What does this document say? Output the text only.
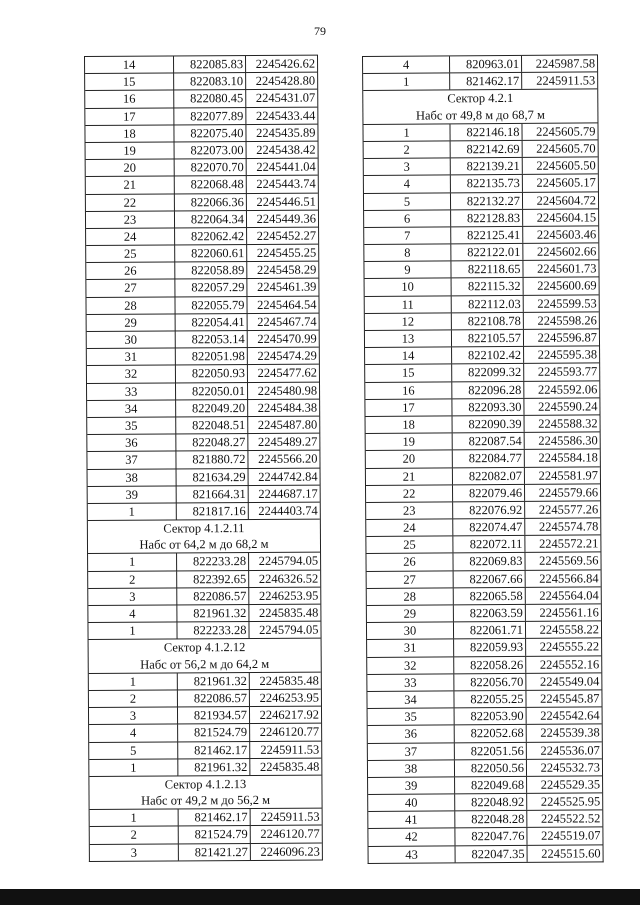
79
14	822085.83	2245426.62
15	822083.10	2245428.80
16	822080.45	2245431.07
17	822077.89	2245433.44
18	822075.40	2245435.89
19	822073.00	2245438.42
20	822070.70	2245441.04
21	822068.48	2245443.74
22	822066.36	2245446.51
23	822064.34	2245449.36
24	822062.42	2245452.27
25	822060.61	2245455.25
26	822058.89	2245458.29
27	822057.29	2245461.39
28	822055.79	2245464.54
29	822054.41	2245467.74
30	822053.14	2245470.99
31	822051.98	2245474.29
32	822050.93	2245477.62
33	822050.01	2245480.98
34	822049.20	2245484.38
35	822048.51	2245487.80
36	822048.27	2245489.27
37	821880.72	2245566.20
38	821634.29	2244742.84
39	821664.31	2244687.17
1	821817.16	2244403.74
Сектор 4.1.2.11
Набс от 64,2 м до 68,2 м
1	822233.28	2245794.05
2	822392.65	2246326.52
3	822086.57	2246253.95
4	821961.32	2245835.48
1	822233.28	2245794.05
Сектор 4.1.2.12
Набс от 56,2 м до 64,2 м
1	821961.32	2245835.48
2	822086.57	2246253.95
3	821934.57	2246217.92
4	821524.79	2246120.77
5	821462.17	2245911.53
1	821961.32	2245835.48
Сектор 4.1.2.13
Набс от 49,2 м до 56,2 м
1	821462.17	2245911.53
2	821524.79	2246120.77
3	821421.27	2246096.23
4	820963.01	2245987.58
1	821462.17	2245911.53
Сектор 4.2.1
Набс от 49,8 м до 68,7 м
1	822146.18	2245605.79
2	822142.69	2245605.70
3	822139.21	2245605.50
4	822135.73	2245605.17
5	822132.27	2245604.72
6	822128.83	2245604.15
7	822125.41	2245603.46
8	822122.01	2245602.66
9	822118.65	2245601.73
10	822115.32	2245600.69
11	822112.03	2245599.53
12	822108.78	2245598.26
13	822105.57	2245596.87
14	822102.42	2245595.38
15	822099.32	2245593.77
16	822096.28	2245592.06
17	822093.30	2245590.24
18	822090.39	2245588.32
19	822087.54	2245586.30
20	822084.77	2245584.18
21	822082.07	2245581.97
22	822079.46	2245579.66
23	822076.92	2245577.26
24	822074.47	2245574.78
25	822072.11	2245572.21
26	822069.83	2245569.56
27	822067.66	2245566.84
28	822065.58	2245564.04
29	822063.59	2245561.16
30	822061.71	2245558.22
31	822059.93	2245555.22
32	822058.26	2245552.16
33	822056.70	2245549.04
34	822055.25	2245545.87
35	822053.90	2245542.64
36	822052.68	2245539.38
37	822051.56	2245536.07
38	822050.56	2245532.73
39	822049.68	2245529.35
40	822048.92	2245525.95
41	822048.28	2245522.52
42	822047.76	2245519.07
43	822047.35	2245515.60
